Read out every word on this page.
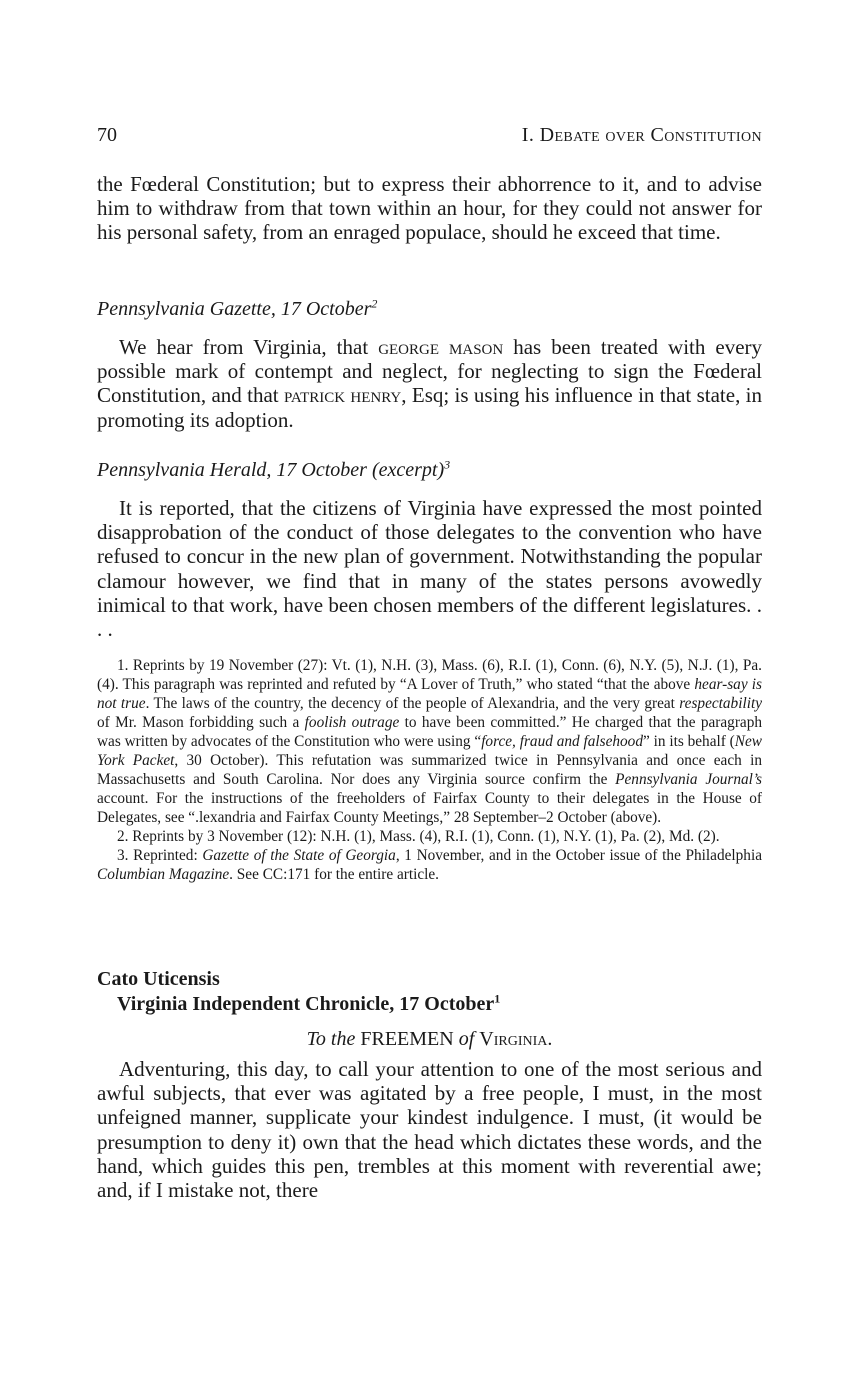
70	I. Debate over Constitution

the Fœderal Constitution; but to express their abhorrence to it, and to advise him to withdraw from that town within an hour, for they could not answer for his personal safety, from an enraged populace, should he exceed that time.

Pennsylvania Gazette, 17 October$^2$

We hear from Virginia, that george mason has been treated with every possible mark of contempt and neglect, for neglecting to sign the Fœderal Constitution, and that patrick henry, Esq; is using his influence in that state, in promoting its adoption.

Pennsylvania Herald, 17 October (excerpt)$^3$

It is reported, that the citizens of Virginia have expressed the most pointed disapprobation of the conduct of those delegates to the convention who have refused to concur in the new plan of government. Notwithstanding the popular clamour however, we find that in many of the states persons avowedly inimical to that work, have been chosen members of the different legislatures. . . .

1. Reprints by 19 November (27): Vt. (1), N.H. (3), Mass. (6), R.I. (1), Conn. (6), N.Y. (5), N.J. (1), Pa. (4). This paragraph was reprinted and refuted by “A Lover of Truth,” who stated “that the above hear-say is not true. The laws of the country, the decency of the people of Alexandria, and the very great respectability of Mr. Mason forbidding such a foolish outrage to have been committed.” He charged that the paragraph was written by advocates of the Constitution who were using “force, fraud and falsehood” in its behalf (New York Packet, 30 October). This refutation was summarized twice in Pennsylvania and once each in Massachusetts and South Carolina. Nor does any Virginia source confirm the Pennsylvania Journal’s account. For the instructions of the freeholders of Fairfax County to their delegates in the House of Delegates, see “.lexandria and Fairfax County Meetings,” 28 September–2 October (above).

2. Reprints by 3 November (12): N.H. (1), Mass. (4), R.I. (1), Conn. (1), N.Y. (1), Pa. (2), Md. (2).

3. Reprinted: Gazette of the State of Georgia, 1 November, and in the October issue of the Philadelphia Columbian Magazine. See CC:171 for the entire article.

Cato Uticensis

Virginia Independent Chronicle, 17 October$^1$

To the FREEMEN of Virginia.

Adventuring, this day, to call your attention to one of the most serious and awful subjects, that ever was agitated by a free people, I must, in the most unfeigned manner, supplicate your kindest indulgence. I must, (it would be presumption to deny it) own that the head which dictates these words, and the hand, which guides this pen, trembles at this moment with reverential awe; and, if I mistake not, there
